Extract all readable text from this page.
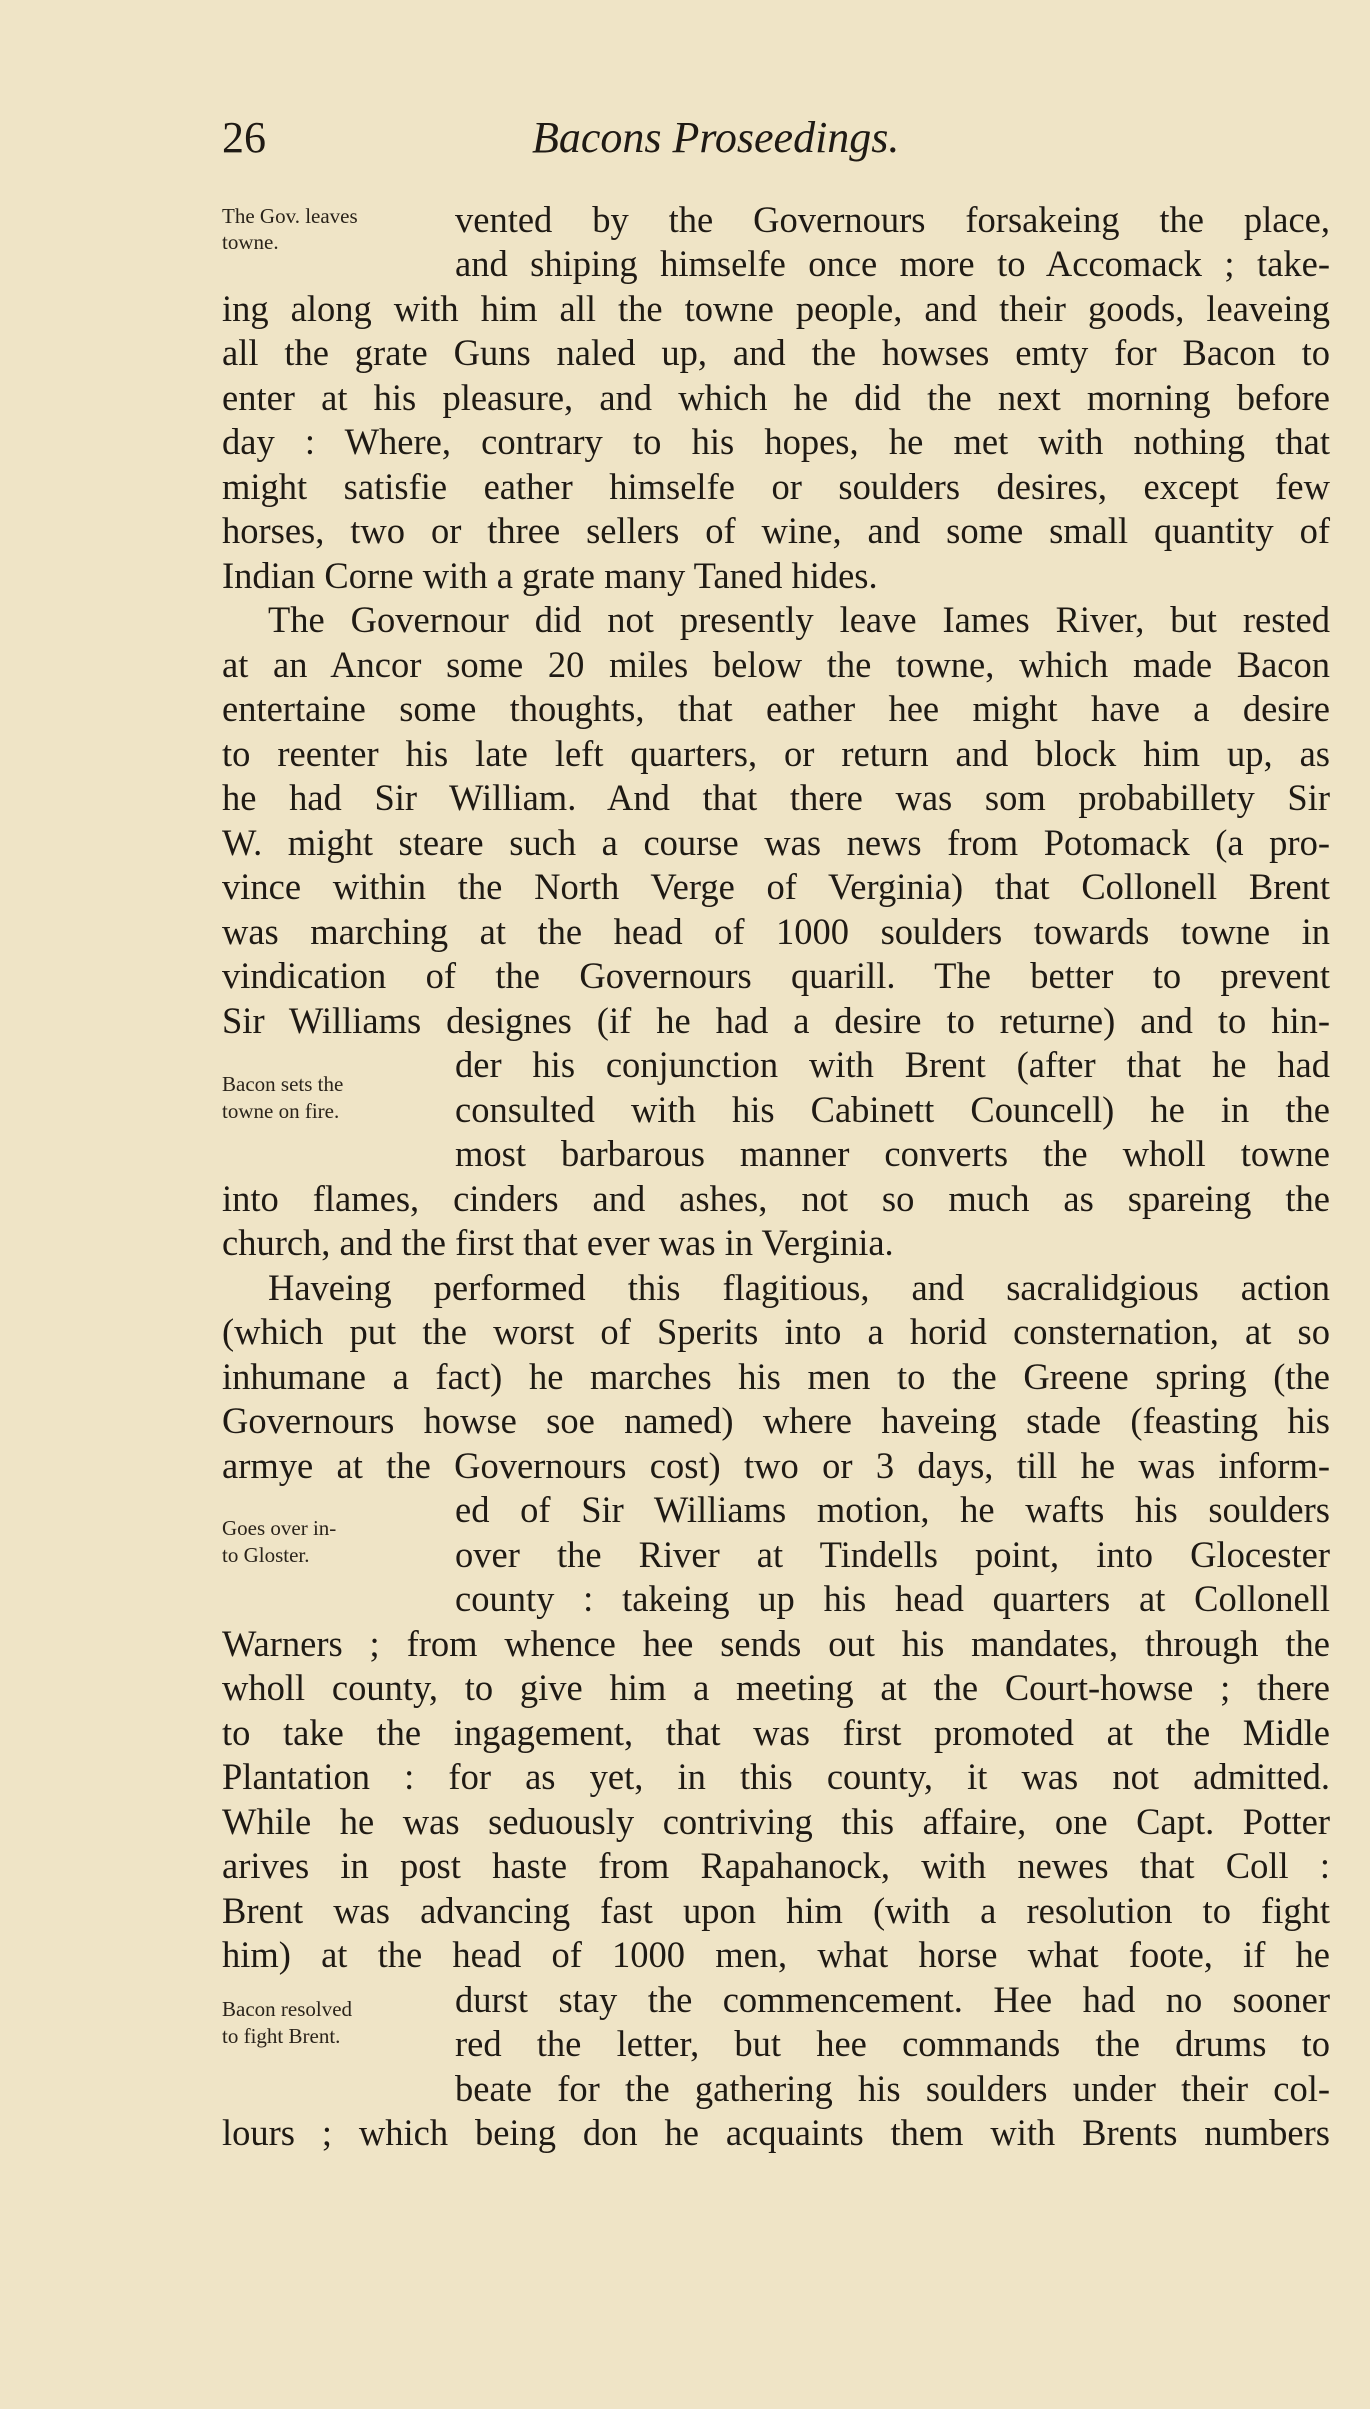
26	Bacons Proseedings.
The Gov. leaves
towne.
Bacon sets the
towne on fire.
Goes over in-
to Gloster.
Bacon resolved
to fight Brent.
vented by the Governours forsakeing the place,
and shiping himselfe once more to Accomack ; take-
ing along with him all the towne people, and their goods, leaveing
all the grate Guns naled up, and the howses emty for Bacon to
enter at his pleasure, and which he did the next morning before
day : Where, contrary to his hopes, he met with nothing that
might satisfie eather himselfe or soulders desires, except few
horses, two or three sellers of wine, and some small quantity of
Indian Corne with a grate many Taned hides.
The Governour did not presently leave Iames River, but rested
at an Ancor some 20 miles below the towne, which made Bacon
entertaine some thoughts, that eather hee might have a desire
to reenter his late left quarters, or return and block him up, as
he had Sir William. And that there was som probabillety Sir
W. might steare such a course was news from Potomack (a pro-
vince within the North Verge of Verginia) that Collonell Brent
was marching at the head of 1000 soulders towards towne in
vindication of the Governours quarill. The better to prevent
Sir Williams designes (if he had a desire to returne) and to hin-
der his conjunction with Brent (after that he had
consulted with his Cabinett Councell) he in the
most barbarous manner converts the wholl towne
into flames, cinders and ashes, not so much as spareing the
church, and the first that ever was in Verginia.
Haveing performed this flagitious, and sacralidgious action
(which put the worst of Sperits into a horid consternation, at so
inhumane a fact) he marches his men to the Greene spring (the
Governours howse soe named) where haveing stade (feasting his
armye at the Governours cost) two or 3 days, till he was inform-
ed of Sir Williams motion, he wafts his soulders
over the River at Tindells point, into Glocester
county : takeing up his head quarters at Collonell
Warners ; from whence hee sends out his mandates, through the
wholl county, to give him a meeting at the Court-howse ; there
to take the ingagement, that was first promoted at the Midle
Plantation : for as yet, in this county, it was not admitted.
While he was seduously contriving this affaire, one Capt. Potter
arives in post haste from Rapahanock, with newes that Coll :
Brent was advancing fast upon him (with a resolution to fight
him) at the head of 1000 men, what horse what foote, if he
durst stay the commencement. Hee had no sooner
red the letter, but hee commands the drums to
beate for the gathering his soulders under their col-
lours ; which being don he acquaints them with Brents numbers
